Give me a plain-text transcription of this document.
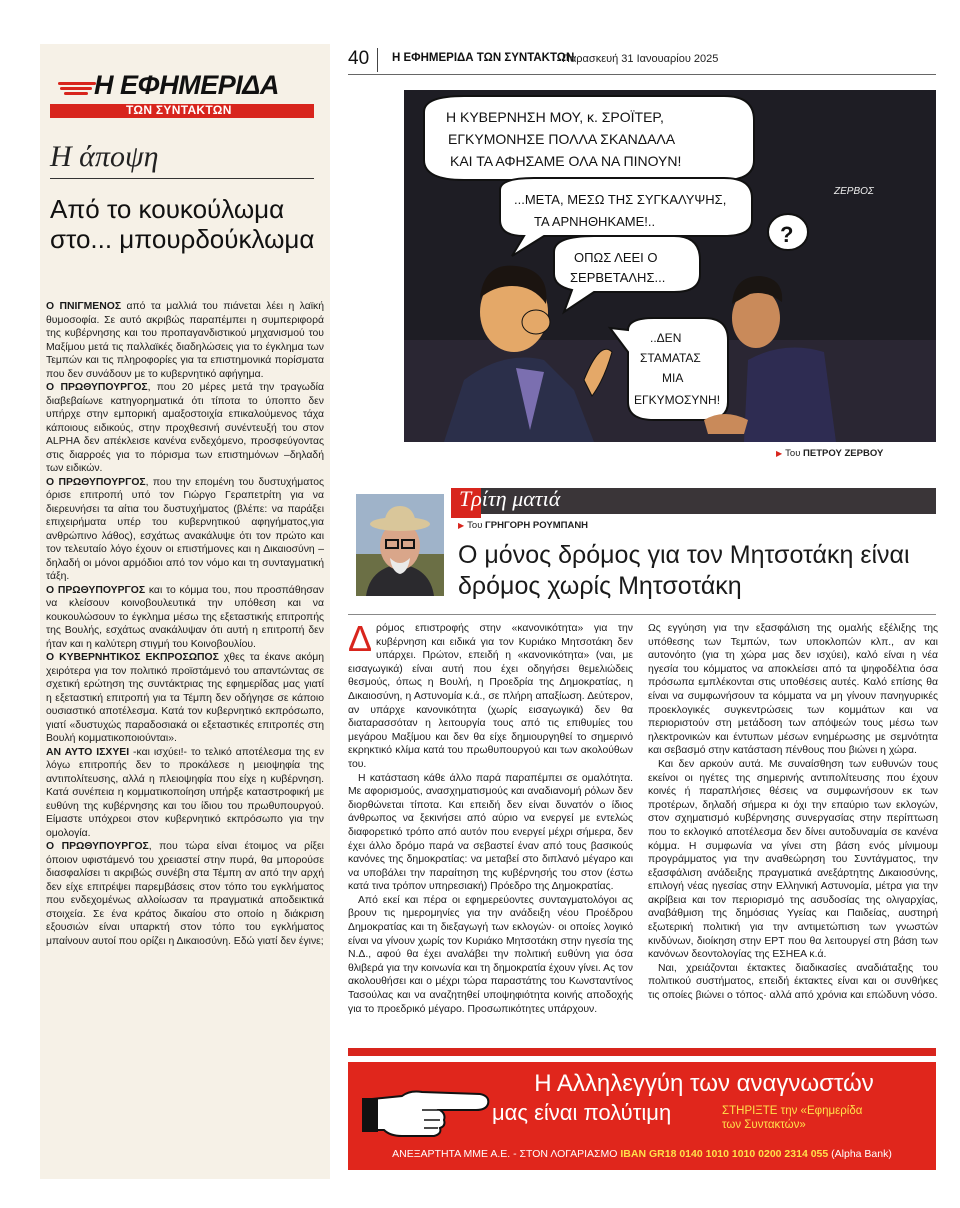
Η ΕΦΗΜΕΡΙΔΑ
ΤΩΝ ΣΥΝΤΑΚΤΩΝ
Η άποψη
Από το κουκούλωμα στο... μπουρδούκλωμα

Ο ΠΝΙΓΜΕΝΟΣ από τα μαλλιά του πιάνεται λέει η λαϊκή θυμοσοφία. Σε αυτό ακριβώς παραπέμπει η συμπεριφορά της κυβέρνησης και του προπαγανδιστικού μηχανισμού του Μαξίμου μετά τις παλλαϊκές διαδηλώσεις για το έγκλημα των Τεμπών και τις πληροφορίες για τα επιστημονικά πορίσματα που δεν συνάδουν με το κυβερνητικό αφήγημα.

Ο ΠΡΩΘΥΠΟΥΡΓΟΣ, που 20 μέρες μετά την τραγωδία διαβεβαίωνε κατηγορηματικά ότι τίποτα το ύποπτο δεν υπήρχε στην εμπορική αμαξοστοιχία επικαλούμενος τάχα κάποιους ειδικούς, στην προχθεσινή συνέντευξή του στον ALPHA δεν απέκλεισε κανένα ενδεχόμενο, προσφεύγοντας στις διαρροές για το πόρισμα των επιστημόνων –δηλαδή των ειδικών.

Ο ΠΡΩΘΥΠΟΥΡΓΟΣ, που την επομένη του δυστυχήματος όρισε επιτροπή υπό τον Γιώργο Γεραπετρίτη για να διερευνήσει τα αίτια του δυστυχήματος (βλέπε: να παράξει επιχειρήματα υπέρ του κυβερνητικού αφηγήματος,για ανθρώπινο λάθος), εσχάτως ανακάλυψε ότι τον πρώτο και τον τελευταίο λόγο έχουν οι επιστήμονες και η Δικαιοσύνη –δηλαδή οι μόνοι αρμόδιοι από τον νόμο και τη συνταγματική τάξη.

Ο ΠΡΩΘΥΠΟΥΡΓΟΣ και το κόμμα του, που προσπάθησαν να κλείσουν κοινοβουλευτικά την υπόθεση και να κουκουλώσουν το έγκλημα μέσω της εξεταστικής επιτροπής της Βουλής, εσχάτως ανακάλυψαν ότι αυτή η επιτροπή δεν ήταν και η καλύτερη στιγμή του Κοινοβουλίου.

Ο ΚΥΒΕΡΝΗΤΙΚΟΣ ΕΚΠΡΟΣΩΠΟΣ χθες τα έκανε ακόμη χειρότερα για τον πολιτικό προϊστάμενό του απαντώντας σε σχετική ερώτηση της συντάκτριας της εφημερίδας μας γιατί η εξεταστική επιτροπή για τα Τέμπη δεν οδήγησε σε κάποιο ουσιαστικό αποτέλεσμα. Κατά τον κυβερνητικό εκπρόσωπο, γιατί «δυστυχώς παραδοσιακά οι εξεταστικές επιτροπές στη Βουλή κομματικοποιούνται».

ΑΝ ΑΥΤΟ ΙΣΧΥΕΙ -και ισχύει!- το τελικό αποτέλεσμα της εν λόγω επιτροπής δεν το προκάλεσε η μειοψηφία της αντιπολίτευσης, αλλά η πλειοψηφία που είχε η κυβέρνηση. Κατά συνέπεια η κομματικοποίηση υπήρξε καταστροφική με ευθύνη της κυβέρνησης και του ίδιου του πρωθυπουργού. Είμαστε υπόχρεοι στον κυβερνητικό εκπρόσωπο για την ομολογία.

Ο ΠΡΩΘΥΠΟΥΡΓΟΣ, που τώρα είναι έτοιμος να ρίξει όποιον υφιστάμενό του χρειαστεί στην πυρά, θα μπορούσε διασφαλίσει τι ακριβώς συνέβη στα Τέμπη αν από την αρχή δεν είχε επιτρέψει παρεμβάσεις στον τόπο του εγκλήματος που ενδεχομένως αλλοίωσαν τα πραγματικά αποδεικτικά στοιχεία. Σε ένα κράτος δικαίου στο οποίο η διάκριση εξουσιών είναι υπαρκτή στον τόπο του εγκλήματος μπαίνουν αυτοί που ορίζει η Δικαιοσύνη. Εδώ γιατί δεν έγινε;

40 Η ΕΦΗΜΕΡΙΔΑ ΤΩΝ ΣΥΝΤΑΚΤΩΝ
Παρασκευή 31 Ιανουαρίου 2025
Η ΚΥΒΕΡΝΗΣΗ ΜΟΥ, κ. ΣΡΟΪΤΕΡ,
ΕΓΚΥΜΟΝΗΣΕ ΠΟΛΛΑ ΣΚΑΝΔΑΛΑ
ΚΑΙ ΤΑ ΑΦΗΣΑΜΕ ΟΛΑ ΝΑ ΠΙΝΟΥΝ!
...ΜΕΤΑ, ΜΕΣΩ ΤΗΣ ΣΥΓΚΑΛΥΨΗΣ,
ΤΑ ΑΡΝΗΘΗΚΑΜΕ!..
ΟΠΩΣ ΛΕΕΙ Ο
ΣΕΡΒΕΤΑΛΗΣ...
..ΔΕΝ
ΣΤΑΜΑΤΑΣ
ΜΙΑ
ΕΓΚΥΜΟΣΥΝΗ!
?
ΖΕΡΒΟΣ
▶ Του ΠΕΤΡΟΥ ΖΕΡΒΟΥ
Τρίτη ματιά
▶ Του ΓΡΗΓΟΡΗ ΡΟΥΜΠΑΝΗ
Ο μόνος δρόμος για τον Μητσοτάκη είναι δρόμος χωρίς Μητσοτάκη

Δρόμος επιστροφής στην «κανονικότητα» για την κυβέρνηση και ειδικά για τον Κυριάκο Μητσοτάκη δεν υπάρχει. Πρώτον, επειδή η «κανονικότητα» (ναι, με εισαγωγικά) είναι αυτή που έχει οδηγήσει θεμελιώδεις θεσμούς, όπως η Βουλή, η Προεδρία της Δημοκρατίας, η Δικαιοσύνη, η Αστυνομία κ.ά., σε πλήρη απαξίωση. Δεύτερον, αν υπάρχε κανονικότητα (χωρίς εισαγωγικά) δεν θα διαταρασσόταν η λειτουργία τους από τις επιθυμίες του μεγάρου Μαξίμου και δεν θα είχε δημιουργηθεί το σημερινό εκρηκτικό κλίμα κατά του πρωθυπουργού και των ακολούθων του.

Η κατάσταση κάθε άλλο παρά παραπέμπει σε ομαλότητα. Με αφορισμούς, ανασχηματισμούς και αναδιανομή ρόλων δεν διορθώνεται τίποτα. Και επειδή δεν είναι δυνατόν ο ίδιος άνθρωπος να ξεκινήσει από αύριο να ενεργεί με εντελώς διαφορετικό τρόπο από αυτόν που ενεργεί μέχρι σήμερα, δεν έχει άλλο δρόμο παρά να σεβαστεί έναν από τους βασικούς κανόνες της δημοκρατίας: να μεταβεί στο διπλανό μέγαρο και να υποβάλει την παραίτηση της κυβέρνησής του στον (έστω κατά τινα τρόπον υπηρεσιακή) Πρόεδρο της Δημοκρατίας.

Από εκεί και πέρα οι εφημερεύοντες συνταγματολόγοι ας βρουν τις ημερομηνίες για την ανάδειξη νέου Προέδρου Δημοκρατίας και τη διεξαγωγή των εκλογών· οι οποίες λογικό είναι να γίνουν χωρίς τον Κυριάκο Μητσοτάκη στην ηγεσία της Ν.Δ., αφού θα έχει αναλάβει την πολιτική ευθύνη για όσα θλιβερά για την κοινωνία και τη δημοκρατία έχουν γίνει. Ας τον ακολουθήσει και ο μέχρι τώρα παραστάτης του Κωνσταντίνος Τασούλας και να αναζητηθεί υποψηφιότητα κοινής αποδοχής για το προεδρικό μέγαρο. Προσωπικότητες υπάρχουν.

Ως εγγύηση για την εξασφάλιση της ομαλής εξέλιξης της υπόθεσης των Τεμπών, των υποκλοπών κλπ., αν και αυτονόητο (για τη χώρα μας δεν ισχύει), καλό είναι η νέα ηγεσία του κόμματος να αποκλείσει από τα ψηφοδέλτια όσα πρόσωπα εμπλέκονται στις υποθέσεις αυτές. Καλό επίσης θα είναι να συμφωνήσουν τα κόμματα να μη γίνουν πανηγυρικές προεκλογικές συγκεντρώσεις των κομμάτων και να περιοριστούν στη μετάδοση των απόψεών τους μέσω των ηλεκτρονικών και έντυπων μέσων ενημέρωσης με σεμνότητα και σεβασμό στην κατάσταση πένθους που βιώνει η χώρα.

Και δεν αρκούν αυτά. Με συναίσθηση των ευθυνών τους εκείνοι οι ηγέτες της σημερινής αντιπολίτευσης που έχουν κοινές ή παραπλήσιες θέσεις να συμφωνήσουν εκ των προτέρων, δηλαδή σήμερα κι όχι την επαύριο των εκλογών, στον σχηματισμό κυβέρνησης συνεργασίας στην περίπτωση που το εκλογικό αποτέλεσμα δεν δίνει αυτοδυναμία σε κανένα κόμμα. Η συμφωνία να γίνει στη βάση ενός μίνιμουμ προγράμματος για την αναθεώρηση του Συντάγματος, την εξασφάλιση ανάδειξης πραγματικά ανεξάρτητης Δικαιοσύνης, επιλογή νέας ηγεσίας στην Ελληνική Αστυνομία, μέτρα για την ακρίβεια και τον περιορισμό της ασυδοσίας της ολιγαρχίας, αναβάθμιση της δημόσιας Υγείας και Παιδείας, αυστηρή εξωτερική πολιτική για την αντιμετώπιση των γνωστών κινδύνων, διοίκηση στην ΕΡΤ που θα λειτουργεί στη βάση των κανόνων δεοντολογίας της ΕΣΗΕΑ κ.ά.

Ναι, χρειάζονται έκτακτες διαδικασίες αναδιάταξης του πολιτικού συστήματος, επειδή έκτακτες είναι και οι συνθήκες τις οποίες βιώνει ο τόπος· αλλά από χρόνια και επώδυνη νόσο.

Η Αλληλεγγύη των αναγνωστών
μας είναι πολύτιμη	ΣΤΗΡΙΞΤΕ την «Εφημερίδα των Συντακτών»
ΑΝΕΞΑΡΤΗΤΑ ΜΜΕ Α.Ε. - ΣΤΟΝ ΛΟΓΑΡΙΑΣΜΟ IBAN GR18 0140 1010 1010 0200 2314 055 (Alpha Bank)
